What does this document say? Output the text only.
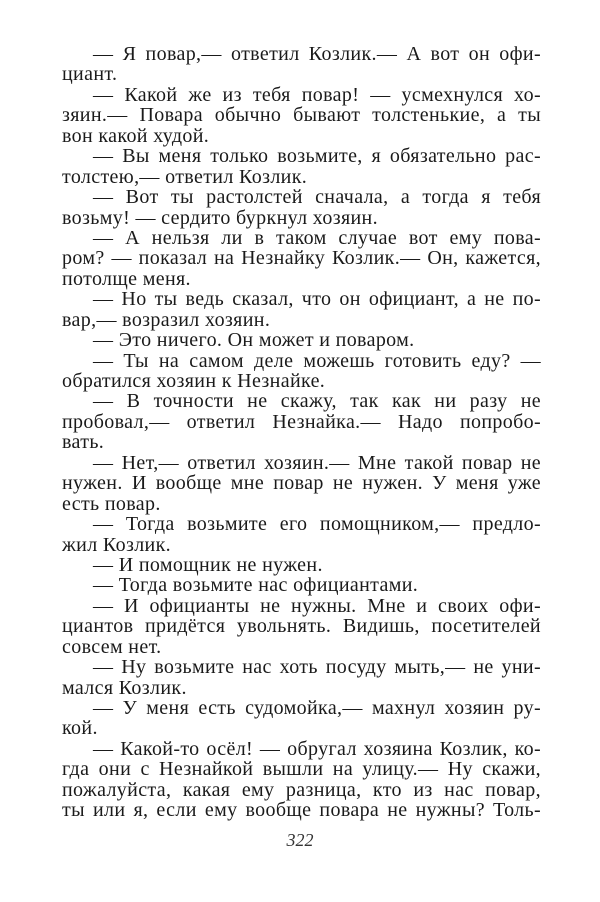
— Я повар,— ответил Козлик.— А вот он офи-
циант.
— Какой же из тебя повар! — усмехнулся хо-
зяин.— Повара обычно бывают толстенькие, а ты
вон какой худой.
— Вы меня только возьмите, я обязательно рас-
толстею,— ответил Козлик.
— Вот ты растолстей сначала, а тогда я тебя
возьму! — сердито буркнул хозяин.
— А нельзя ли в таком случае вот ему пова-
ром? — показал на Незнайку Козлик.— Он, кажется,
потолще меня.
— Но ты ведь сказал, что он официант, а не по-
вар,— возразил хозяин.
— Это ничего. Он может и поваром.
— Ты на самом деле можешь готовить еду? —
обратился хозяин к Незнайке.
— В точности не скажу, так как ни разу не
пробовал,— ответил Незнайка.— Надо попробо-
вать.
— Нет,— ответил хозяин.— Мне такой повар не
нужен. И вообще мне повар не нужен. У меня уже
есть повар.
— Тогда возьмите его помощником,— предло-
жил Козлик.
— И помощник не нужен.
— Тогда возьмите нас официантами.
— И официанты не нужны. Мне и своих офи-
циантов придётся увольнять. Видишь, посетителей
совсем нет.
— Ну возьмите нас хоть посуду мыть,— не уни-
мался Козлик.
— У меня есть судомойка,— махнул хозяин ру-
кой.
— Какой-то осёл! — обругал хозяина Козлик, ко-
гда они с Незнайкой вышли на улицу.— Ну скажи,
пожалуйста, какая ему разница, кто из нас повар,
ты или я, если ему вообще повара не нужны? Толь-
322
